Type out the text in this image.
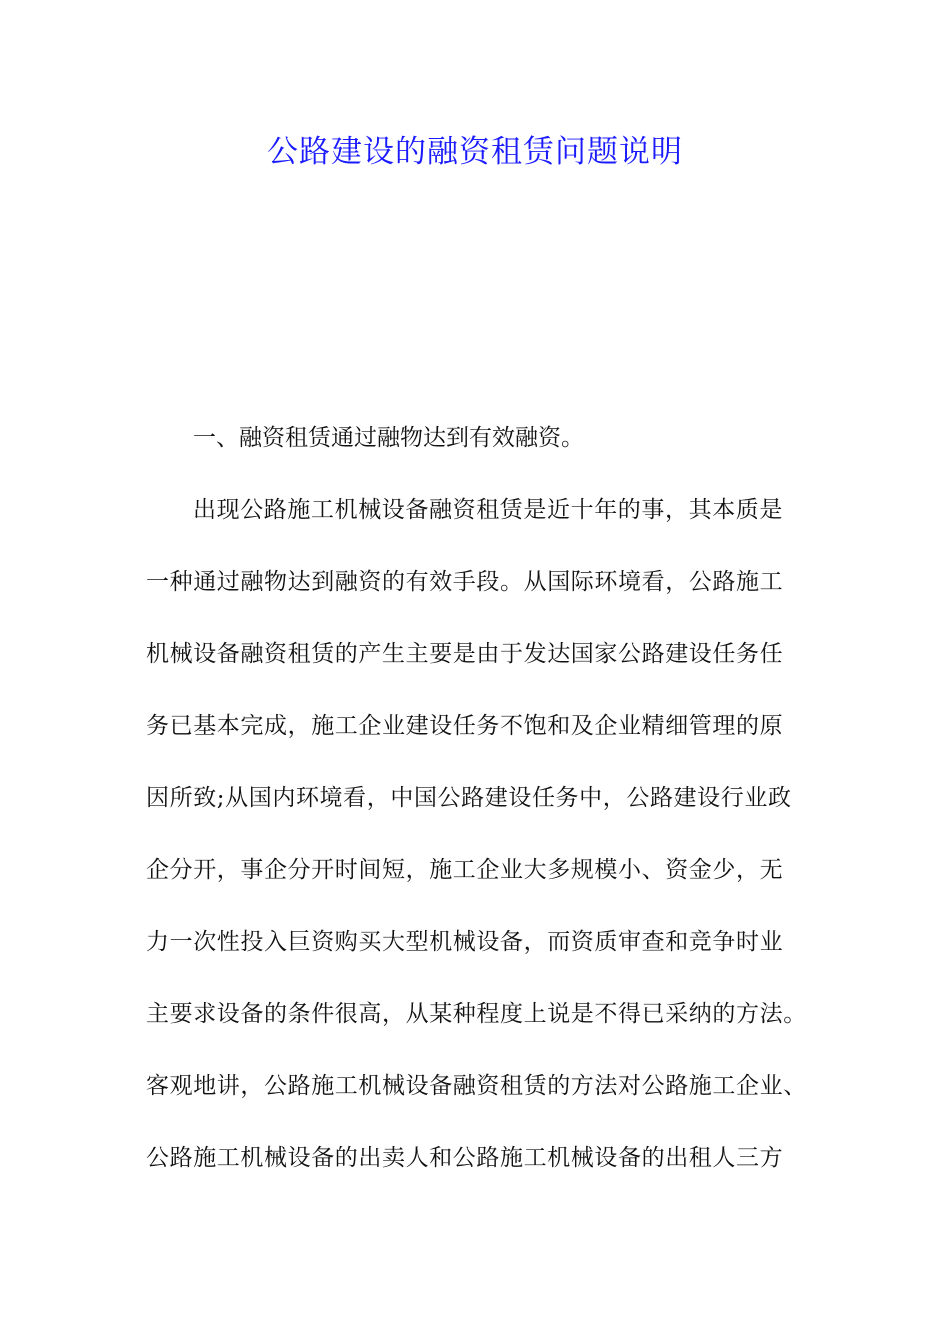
公路建设的融资租赁问题说明
一、融资租赁通过融物达到有效融资。
出现公路施工机械设备融资租赁是近十年的事，其本质是
一种通过融物达到融资的有效手段。从国际环境看，公路施工
机械设备融资租赁的产生主要是由于发达国家公路建设任务任
务已基本完成，施工企业建设任务不饱和及企业精细管理的原
因所致;从国内环境看，中国公路建设任务中，公路建设行业政
企分开，事企分开时间短，施工企业大多规模小、资金少，无
力一次性投入巨资购买大型机械设备，而资质审查和竞争时业
主要求设备的条件很高，从某种程度上说是不得已采纳的方法。
客观地讲，公路施工机械设备融资租赁的方法对公路施工企业、
公路施工机械设备的出卖人和公路施工机械设备的出租人三方
